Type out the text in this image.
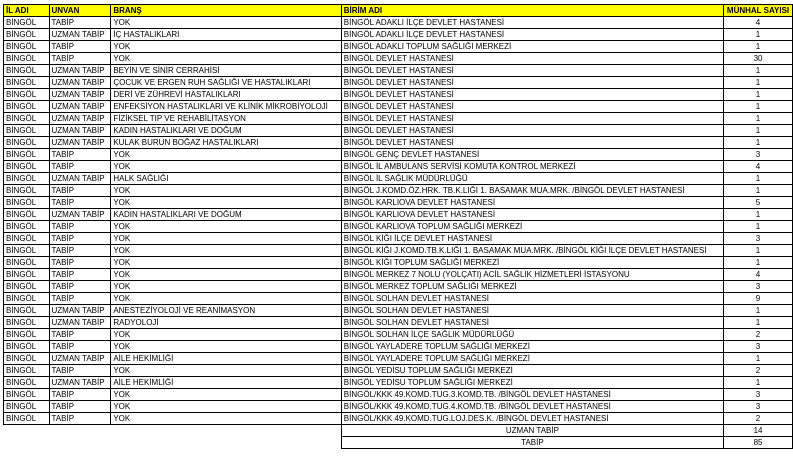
İL ADI	UNVAN	BRANŞ	BİRİM ADI	MÜNHAL SAYISI
BİNGÖL	TABİP	YOK	BİNGÖL ADAKLI İLÇE DEVLET HASTANESİ	4
BİNGÖL	UZMAN TABİP	İÇ HASTALIKLARI	BİNGÖL ADAKLI İLÇE DEVLET HASTANESİ	1
BİNGÖL	TABİP	YOK	BİNGÖL ADAKLI TOPLUM SAĞLIĞI MERKEZİ	1
BİNGÖL	TABİP	YOK	BİNGÖL DEVLET HASTANESİ	30
BİNGÖL	UZMAN TABİP	BEYİN VE SİNİR CERRAHİSİ	BİNGÖL DEVLET HASTANESİ	1
BİNGÖL	UZMAN TABİP	ÇOCUK VE ERGEN RUH SAĞLIĞI VE HASTALIKLARI	BİNGÖL DEVLET HASTANESİ	1
BİNGÖL	UZMAN TABİP	DERİ VE ZÜHREVİ HASTALIKLARI	BİNGÖL DEVLET HASTANESİ	1
BİNGÖL	UZMAN TABİP	ENFEKSİYON HASTALIKLARI VE KLİNİK MİKROBİYOLOJİ	BİNGÖL DEVLET HASTANESİ	1
BİNGÖL	UZMAN TABİP	FİZİKSEL TIP VE REHABİLİTASYON	BİNGÖL DEVLET HASTANESİ	1
BİNGÖL	UZMAN TABİP	KADIN HASTALIKLARI VE DOĞUM	BİNGÖL DEVLET HASTANESİ	1
BİNGÖL	UZMAN TABİP	KULAK BURUN BOĞAZ HASTALIKLARI	BİNGÖL DEVLET HASTANESİ	1
BİNGÖL	TABİP	YOK	BİNGÖL GENÇ DEVLET HASTANESİ	3
BİNGÖL	TABİP	YOK	BİNGÖL İL AMBULANS SERVİSİ KOMUTA KONTROL MERKEZİ	4
BİNGÖL	UZMAN TABİP	HALK SAĞLIĞI	BİNGÖL İL SAĞLIK MÜDÜRLÜĞÜ	1
BİNGÖL	TABİP	YOK	BİNGÖL J.KOMD.ÖZ.HRK. TB.K.LIĞI 1. BASAMAK MUA.MRK. /BİNGÖL DEVLET HASTANESİ	1
BİNGÖL	TABİP	YOK	BİNGÖL KARLIOVA DEVLET HASTANESİ	5
BİNGÖL	UZMAN TABİP	KADIN HASTALIKLARI VE DOĞUM	BİNGÖL KARLIOVA DEVLET HASTANESİ	1
BİNGÖL	TABİP	YOK	BİNGÖL KARLIOVA TOPLUM SAĞLIĞI MERKEZİ	1
BİNGÖL	TABİP	YOK	BİNGÖL KİĞI İLÇE DEVLET HASTANESİ	3
BİNGÖL	TABİP	YOK	BİNGÖL KİĞI J.KOMD.TB.K.LIĞI 1. BASAMAK MUA.MRK. /BİNGÖL KİĞI İLÇE DEVLET HASTANESİ	1
BİNGÖL	TABİP	YOK	BİNGÖL KİĞI TOPLUM SAĞLIĞI MERKEZİ	1
BİNGÖL	TABİP	YOK	BİNGÖL MERKEZ 7 NOLU (YOLÇATI) ACİL SAĞLIK HİZMETLERİ İSTASYONU	4
BİNGÖL	TABİP	YOK	BİNGÖL MERKEZ TOPLUM SAĞLIĞI MERKEZİ	3
BİNGÖL	TABİP	YOK	BİNGÖL SOLHAN DEVLET HASTANESİ	9
BİNGÖL	UZMAN TABİP	ANESTEZİYOLOJİ VE REANİMASYON	BİNGÖL SOLHAN DEVLET HASTANESİ	1
BİNGÖL	UZMAN TABİP	RADYOLOJİ	BİNGÖL SOLHAN DEVLET HASTANESİ	1
BİNGÖL	TABİP	YOK	BİNGÖL SOLHAN İLÇE SAĞLIK MÜDÜRLÜĞÜ	2
BİNGÖL	TABİP	YOK	BİNGÖL YAYLADERE TOPLUM SAĞLIĞI MERKEZİ	3
BİNGÖL	UZMAN TABİP	AİLE HEKİMLİĞİ	BİNGÖL YAYLADERE TOPLUM SAĞLIĞI MERKEZİ	1
BİNGÖL	TABİP	YOK	BİNGÖL YEDİSU TOPLUM SAĞLIĞI MERKEZİ	2
BİNGÖL	UZMAN TABİP	AİLE HEKİMLİĞİ	BİNGÖL YEDİSU TOPLUM SAĞLIĞI MERKEZİ	1
BİNGÖL	TABİP	YOK	BİNGÖL/KKK 49.KOMD.TUG.3.KOMD.TB. /BİNGÖL DEVLET HASTANESİ	3
BİNGÖL	TABİP	YOK	BİNGÖL/KKK 49.KOMD.TUG.4.KOMD.TB. /BİNGÖL DEVLET HASTANESİ	3
BİNGÖL	TABİP	YOK	BİNGÖL/KKK 49.KOMD.TUG.LOJ.DES.K. /BİNGÖL DEVLET HASTANESİ	2
			UZMAN TABİP	14
			TABİP	85
